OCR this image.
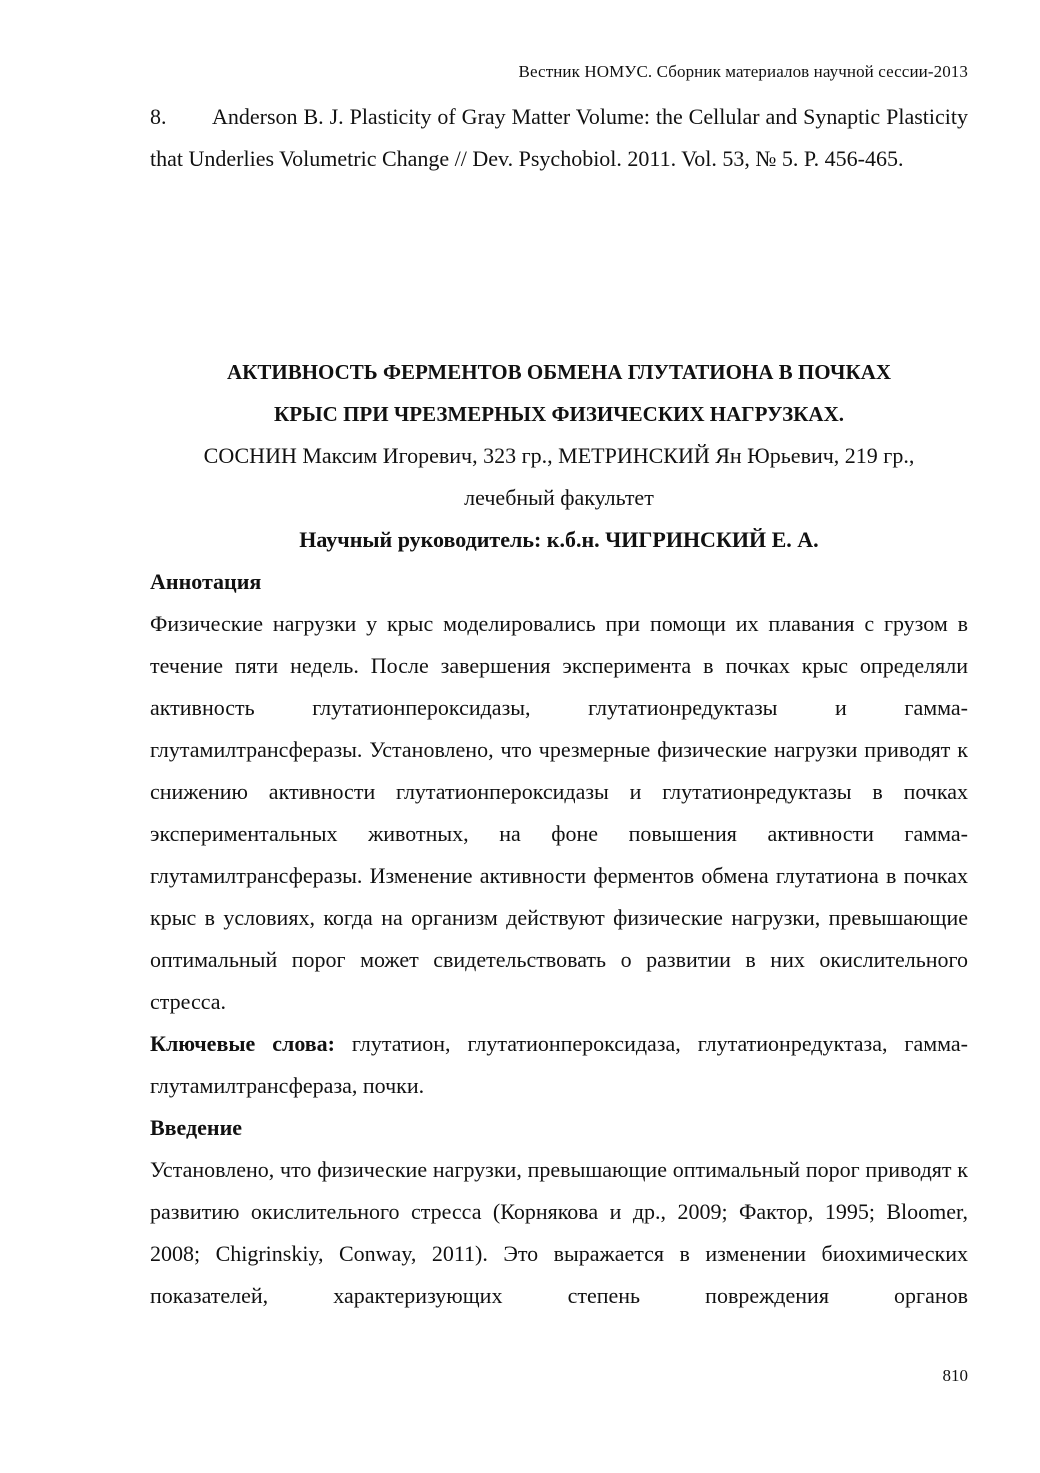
Вестник НОМУС. Сборник материалов научной сессии-2013
8. Anderson B. J. Plasticity of Gray Matter Volume: the Cellular and Synaptic Plasticity that Underlies Volumetric Change // Dev. Psychobiol. 2011. Vol. 53, № 5. P. 456-465.
АКТИВНОСТЬ ФЕРМЕНТОВ ОБМЕНА ГЛУТАТИОНА В ПОЧКАХ
КРЫС ПРИ ЧРЕЗМЕРНЫХ ФИЗИЧЕСКИХ НАГРУЗКАХ.
СОСНИН Максим Игоревич, 323 гр., МЕТРИНСКИЙ Ян Юрьевич, 219 гр.,
лечебный факультет
Научный руководитель: к.б.н. ЧИГРИНСКИЙ Е. А.
Аннотация
Физические нагрузки у крыс моделировались при помощи их плавания с грузом в течение пяти недель. После завершения эксперимента в почках крыс определяли активность глутатионпероксидазы, глутатионредуктазы и гамма-глутамилтрансферазы. Установлено, что чрезмерные физические нагрузки приводят к снижению активности глутатионпероксидазы и глутатионредуктазы в почках экспериментальных животных, на фоне повышения активности гамма-глутамилтрансферазы. Изменение активности ферментов обмена глутатиона в почках крыс в условиях, когда на организм действуют физические нагрузки, превышающие оптимальный порог может свидетельствовать о развитии в них окислительного стресса.
Ключевые слова: глутатион, глутатионпероксидаза, глутатионредуктаза, гамма-глутамилтрансфераза, почки.
Введение
Установлено, что физические нагрузки, превышающие оптимальный порог приводят к развитию окислительного стресса (Корнякова и др., 2009; Фактор, 1995; Bloomer, 2008; Chigrinskiy, Conway, 2011). Это выражается в изменении биохимических показателей, характеризующих степень повреждения органов
810
